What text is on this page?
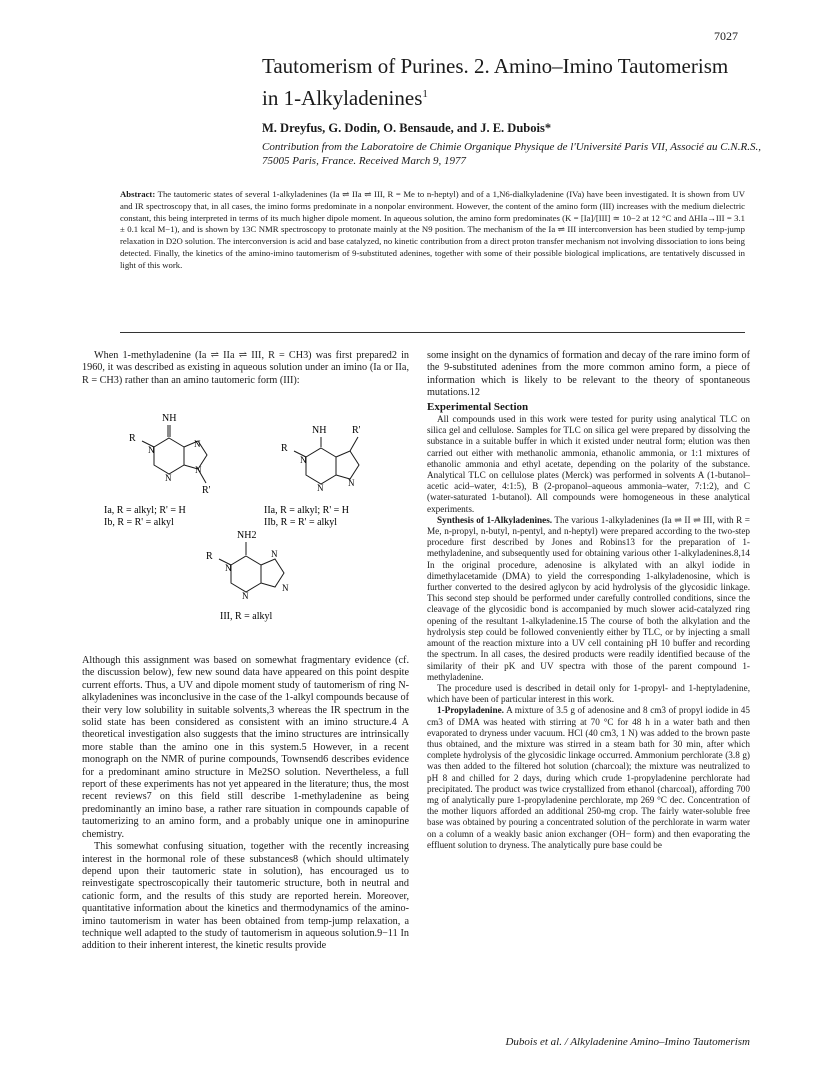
7027
Tautomerism of Purines. 2. Amino–Imino Tautomerism
in 1-Alkyladenines$^1$
M. Dreyfus, G. Dodin, O. Bensaude, and J. E. Dubois*
Contribution from the Laboratoire de Chimie Organique Physique de l'Université Paris VII, Associé au C.N.R.S., 75005 Paris, France. Received March 9, 1977
Abstract: The tautomeric states of several 1-alkyladenines (Ia ⇌ IIa ⇌ III, R = Me to n-heptyl) and of a 1,N6-dialkyladenine (IVa) have been investigated. It is shown from UV and IR spectroscopy that, in all cases, the imino forms predominate in a nonpolar environment. However, the content of the amino form (III) increases with the medium dielectric constant, this being interpreted in terms of its much higher dipole moment. In aqueous solution, the amino form predominates (K = [Ia]/[III] ≃ 10−2 at 12 °C and ΔHIa→III = 3.1 ± 0.1 kcal M−1), and is shown by 13C NMR spectroscopy to protonate mainly at the N9 position. The mechanism of the Ia ⇌ III interconversion has been studied by temp-jump relaxation in D2O solution. The interconversion is acid and base catalyzed, no kinetic contribution from a direct proton transfer mechanism not involving dissociation to ions being detected. Finally, the kinetics of the amino-imino tautomerism of 9-substituted adenines, together with some of their possible biological implications, are tentatively discussed in light of this work.

When 1-methyladenine (Ia ⇌ IIa ⇌ III, R = CH3) was first prepared2 in 1960, it was described as existing in aqueous solution under an imino (Ia or IIa, R = CH3) rather than an amino tautomeric form (III):

NH
R
N
N
N
N
R'
NH	R'
R
N
N	N
Ia, R = alkyl; R' = H
Ib, R = R' = alkyl
IIa, R = alkyl; R' = H
IIb, R = R' = alkyl
NH2
R
N
N
N
N
III, R = alkyl

Although this assignment was based on somewhat fragmentary evidence (cf. the discussion below), few new sound data have appeared on this point despite current efforts. Thus, a UV and dipole moment study of tautomerism of ring N-alkyladenines was inconclusive in the case of the 1-alkyl compounds because of their very low solubility in suitable solvents,3 whereas the IR spectrum in the solid state has been considered as consistent with an imino structure.4 A theoretical investigation also suggests that the imino structures are intrinsically more stable than the amino one in this system.5 However, in a recent monograph on the NMR of purine compounds, Townsend6 describes evidence for a predominant amino structure in Me2SO solution. Nevertheless, a full report of these experiments has not yet appeared in the literature; thus, the most recent reviews7 on this field still describe 1-methyladenine as being predominantly an imino base, a rather rare situation in compounds capable of tautomerizing to an amino form, and a probably unique one in aminopurine chemistry.

This somewhat confusing situation, together with the recently increasing interest in the hormonal role of these substances8 (which should ultimately depend upon their tautomeric state in solution), has encouraged us to reinvestigate spectroscopically their tautomeric structure, both in neutral and cationic form, and the results of this study are reported herein. Moreover, quantitative information about the kinetics and thermodynamics of the amino-imino tautomerism in water has been obtained from temp-jump relaxation, a technique well adapted to the study of tautomerism in aqueous solution.9−11 In addition to their inherent interest, the kinetic results provide

some insight on the dynamics of formation and decay of the rare imino form of the 9-substituted adenines from the more common amino form, a piece of information which is likely to be relevant to the theory of spontaneous mutations.12

Experimental Section

All compounds used in this work were tested for purity using analytical TLC on silica gel and cellulose. Samples for TLC on silica gel were prepared by dissolving the substance in a suitable buffer in which it existed under neutral form; elution was then carried out either with methanolic ammonia, ethanolic ammonia, or 1:1 mixtures of ethanolic ammonia and ethyl acetate, depending on the polarity of the substance. Analytical TLC on cellulose plates (Merck) was performed in solvents A (1-butanol–acetic acid–water, 4:1:5), B (2-propanol–aqueous ammonia–water, 7:1:2), and C (water-saturated 1-butanol). All compounds were homogeneous in these analytical experiments.

Synthesis of 1-Alkyladenines. The various 1-alkyladenines (Ia ⇌ II ⇌ III, with R = Me, n-propyl, n-butyl, n-pentyl, and n-heptyl) were prepared according to the two-step procedure first described by Jones and Robins13 for the preparation of 1-methyladenine, and subsequently used for obtaining various other 1-alkyladenines.8,14 In the original procedure, adenosine is alkylated with an alkyl iodide in dimethylacetamide (DMA) to yield the corresponding 1-alkyladenosine, which is further converted to the desired aglycon by acid hydrolysis of the glycosidic linkage. This second step should be performed under carefully controlled conditions, since the cleavage of the glycosidic bond is accompanied by much slower acid-catalyzed ring opening of the resultant 1-alkyladenine.15 The course of both the alkylation and the hydrolysis step could be followed conveniently either by TLC, or by injecting a small amount of the reaction mixture into a UV cell containing pH 10 buffer and recording the spectrum. In all cases, the desired products were readily identified because of the similarity of their pK and UV spectra with those of the parent compound 1-methyladenine.

The procedure used is described in detail only for 1-propyl- and 1-heptyladenine, which have been of particular interest in this work.

1-Propyladenine. A mixture of 3.5 g of adenosine and 8 cm3 of propyl iodide in 45 cm3 of DMA was heated with stirring at 70 °C for 48 h in a water bath and then evaporated to dryness under vacuum. HCl (40 cm3, 1 N) was added to the brown paste thus obtained, and the mixture was stirred in a steam bath for 30 min, after which complete hydrolysis of the glycosidic linkage occurred. Ammonium perchlorate (3.8 g) was then added to the filtered hot solution (charcoal); the mixture was neutralized to pH 8 and chilled for 2 days, during which crude 1-propyladenine perchlorate had precipitated. The product was twice crystallized from ethanol (charcoal), affording 700 mg of analytically pure 1-propyladenine perchlorate, mp 269 °C dec. Concentration of the mother liquors afforded an additional 250-mg crop. The fairly water-soluble free base was obtained by pouring a concentrated solution of the perchlorate in warm water on a column of a weakly basic anion exchanger (OH− form) and then evaporating the effluent solution to dryness. The analytically pure base could be

Dubois et al. / Alkyladenine Amino–Imino Tautomerism
